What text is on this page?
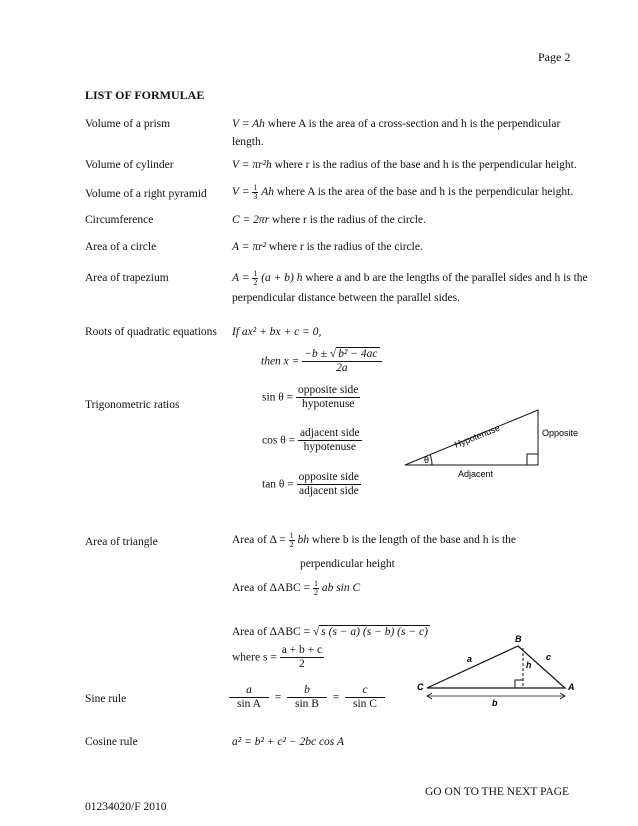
Page 2
LIST OF FORMULAE
Volume of a prism	V = Ah where A is the area of a cross-section and h is the perpendicular length.
Volume of cylinder	V = πr²h where r is the radius of the base and h is the perpendicular height.
Volume of a right pyramid $V = \frac{1}{3}$ Ah where A is the area of the base and h is the perpendicular height.
Circumference	C = 2πr where r is the radius of the circle.
Area of a circle	A = πr² where r is the radius of the circle.
Area of trapezium	$A = \frac{1}{2} (a + b)$ h where a and b are the lengths of the parallel sides and h is the perpendicular distance between the parallel sides.
Roots of quadratic equations If ax² + bx + c = 0,
then $x = \frac{\text{−b ± √ b² − 4ac}}{2a}$
Trigonometric ratios
$\sin \theta = \frac{\text{opposite side}}{\text{hypotenuse}}$
$\cos \theta = \frac{\text{adjacent side}}{\text{hypotenuse}}$
$\tan \theta = \frac{\text{opposite side}}{\text{adjacent side}}$
θ
Opposite
Adjacent
Hypotenuse
Area of triangle	Area of $\Delta = \frac{1}{2}$ bh where b is the length of the base and h is the
perpendicular height
Area of $\Delta ABC = \frac{1}{2}$ ab sin C
Area of ΔABC = √ s (s − a) (s − b) (s − c)
where $s = \frac{a + b + c}{2}$
B
C	A
a	c
h
b
Sine rule	$\frac{a}{\text{sin A}} = \frac{b}{\text{sin B}} = \frac{c}{\text{sin C}}$
Cosine rule	a² = b² + c² − 2bc cos A
GO ON TO THE NEXT PAGE
01234020/F 2010
